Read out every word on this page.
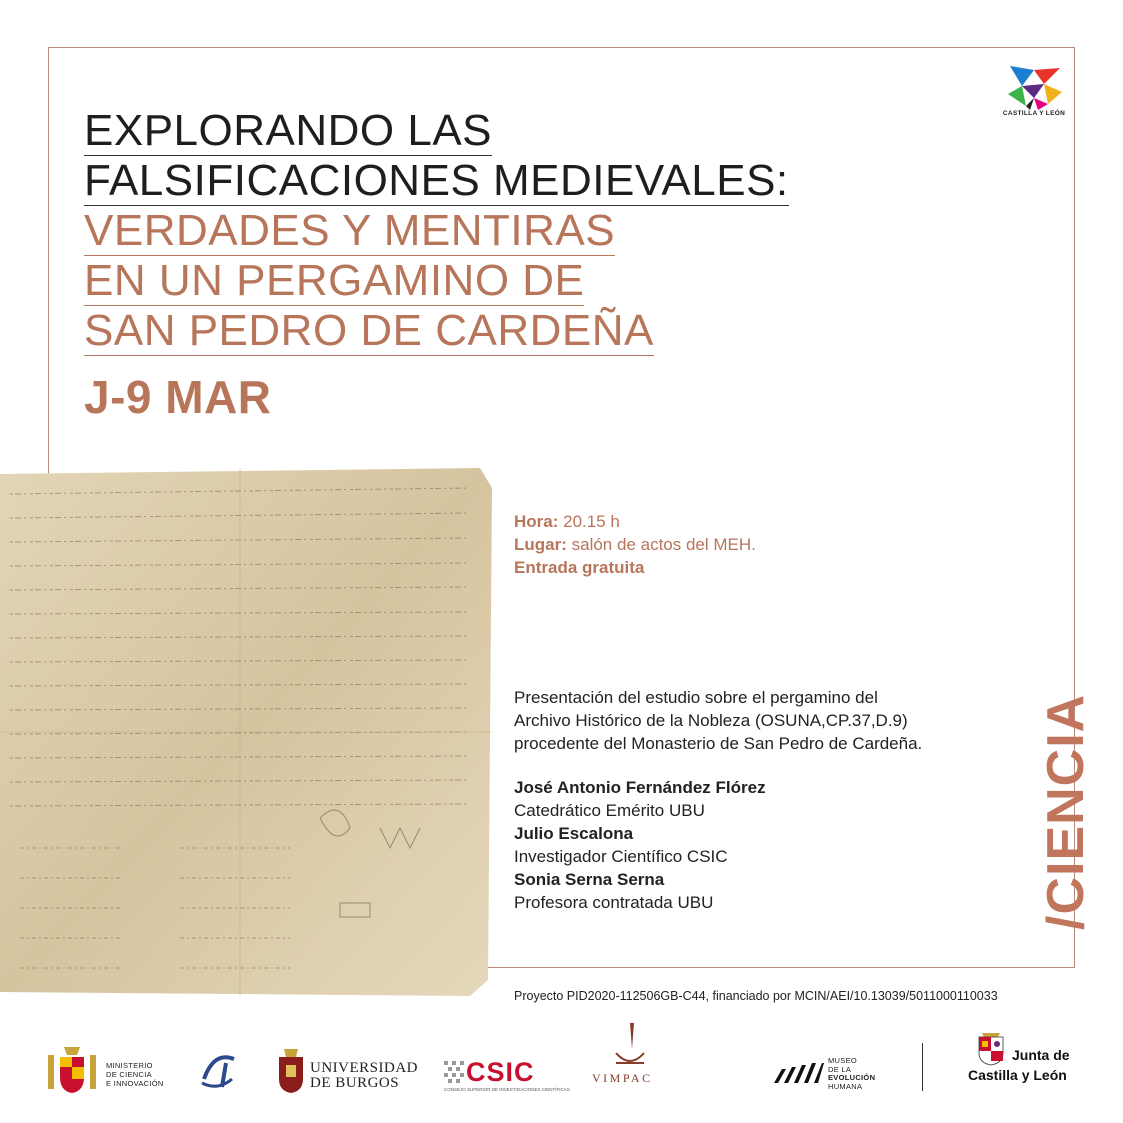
CASTILLA Y LEÓN
EXPLORANDO LAS
FALSIFICACIONES MEDIEVALES:
VERDADES Y MENTIRAS
EN UN PERGAMINO DE
SAN PEDRO DE CARDEÑA
J-9 MAR
Hora: 20.15 h
Lugar: salón de actos del MEH.
Entrada gratuita
Presentación del estudio sobre el pergamino del
Archivo Histórico de la Nobleza (OSUNA,CP.37,D.9)
procedente del Monasterio de San Pedro de Cardeña.
José Antonio Fernández Flórez
Catedrático Emérito UBU
Julio Escalona
Investigador Científico CSIC
Sonia Serna Serna
Profesora contratada UBU	/CIENCIA
Proyecto PID2020-112506GB-C44, financiado por MCIN/AEI/10.13039/5011000110033
MINISTERIO
DE CIENCIA
E INNOVACIÓN
UNIVERSIDAD
DE BURGOS	CSIC
CONSEJO SUPERIOR DE INVESTIGACIONES CIENTÍFICAS
VIMPAC
MUSEO
DE LA
EVOLUCIÓN
HUMANA
Junta de
Castilla y León
